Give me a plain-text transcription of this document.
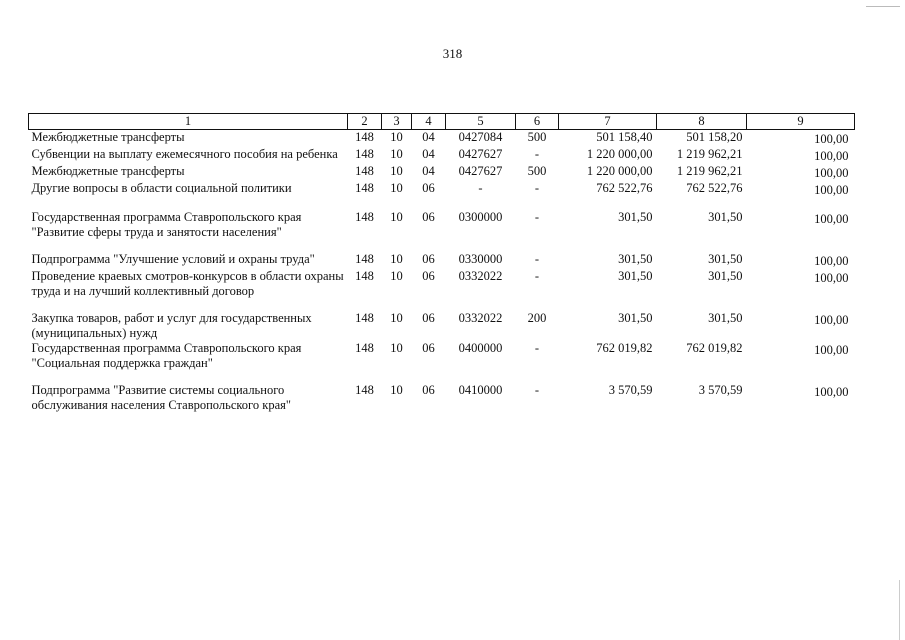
318
1	2	3	4	5	6	7	8	9
Межбюджетные трансферты	148	10	04	0427084	500	501 158,40	501 158,20	100,00
Субвенции на выплату ежемесячного пособия на ребенка	148	10	04	0427627	-	1 220 000,00	1 219 962,21	100,00
Межбюджетные трансферты	148	10	04	0427627	500	1 220 000,00	1 219 962,21	100,00
Другие вопросы в области социальной политики	148	10	06	-	-	762 522,76	762 522,76	100,00

Государственная программа Ставропольского края "Развитие сферы труда и занятости населения"	148	10	06	0300000	-	301,50	301,50	100,00

Подпрограмма "Улучшение условий и охраны труда"	148	10	06	0330000	-	301,50	301,50	100,00
Проведение краевых смотров-конкурсов в области охраны труда и на лучший коллективный договор	148	10	06	0332022	-	301,50	301,50	100,00

Закупка товаров, работ и услуг для государственных (муниципальных) нужд	148	10	06	0332022	200	301,50	301,50	100,00
Государственная программа Ставропольского края "Социальная поддержка граждан"	148	10	06	0400000	-	762 019,82	762 019,82	100,00

Подпрограмма "Развитие системы социального обслуживания населения Ставропольского края"	148	10	06	0410000	-	3 570,59	3 570,59	100,00
